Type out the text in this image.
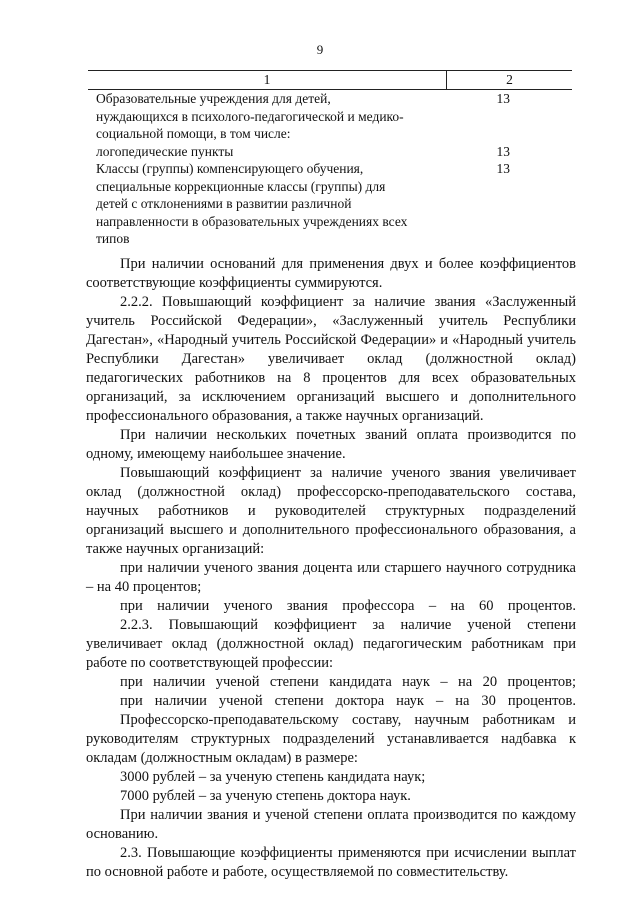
9
1	2
Образовательные учреждения для детей,
нуждающихся в психолого-педагогической и медико-
социальной помощи, в том числе:	13
логопедические пункты	13
Классы (группы) компенсирующего обучения,
специальные коррекционные классы (группы) для
детей с отклонениями в развитии различной
направленности в образовательных учреждениях всех
типов	13

При наличии оснований для применения двух и более коэффициентов соответствующие коэффициенты суммируются.

2.2.2. Повышающий коэффициент за наличие звания «Заслуженный учитель Российской Федерации», «Заслуженный учитель Республики Дагестан», «Народный учитель Российской Федерации» и «Народный учитель Республики Дагестан» увеличивает оклад (должностной оклад) педагогических работников на 8 процентов для всех образовательных организаций, за исключением организаций высшего и дополнительного профессионального образования, а также научных организаций.

При наличии нескольких почетных званий оплата производится по одному, имеющему наибольшее значение.

Повышающий коэффициент за наличие ученого звания увеличивает оклад (должностной оклад) профессорско-преподавательского состава, научных работников и руководителей структурных подразделений организаций высшего и дополнительного профессионального образования, а также научных организаций:

при наличии ученого звания доцента или старшего научного сотрудника – на 40 процентов;

при наличии ученого звания профессора – на 60 процентов.

2.2.3. Повышающий коэффициент за наличие ученой степени увеличивает оклад (должностной оклад) педагогическим работникам при работе по соответствующей профессии:

при наличии ученой степени кандидата наук – на 20 процентов;

при наличии ученой степени доктора наук – на 30 процентов.

Профессорско-преподавательскому составу, научным работникам и руководителям структурных подразделений устанавливается надбавка к окладам (должностным окладам) в размере:

3000 рублей – за ученую степень кандидата наук;

7000 рублей – за ученую степень доктора наук.

При наличии звания и ученой степени оплата производится по каждому основанию.

2.3. Повышающие коэффициенты применяются при исчислении выплат по основной работе и работе, осуществляемой по совместительству.
